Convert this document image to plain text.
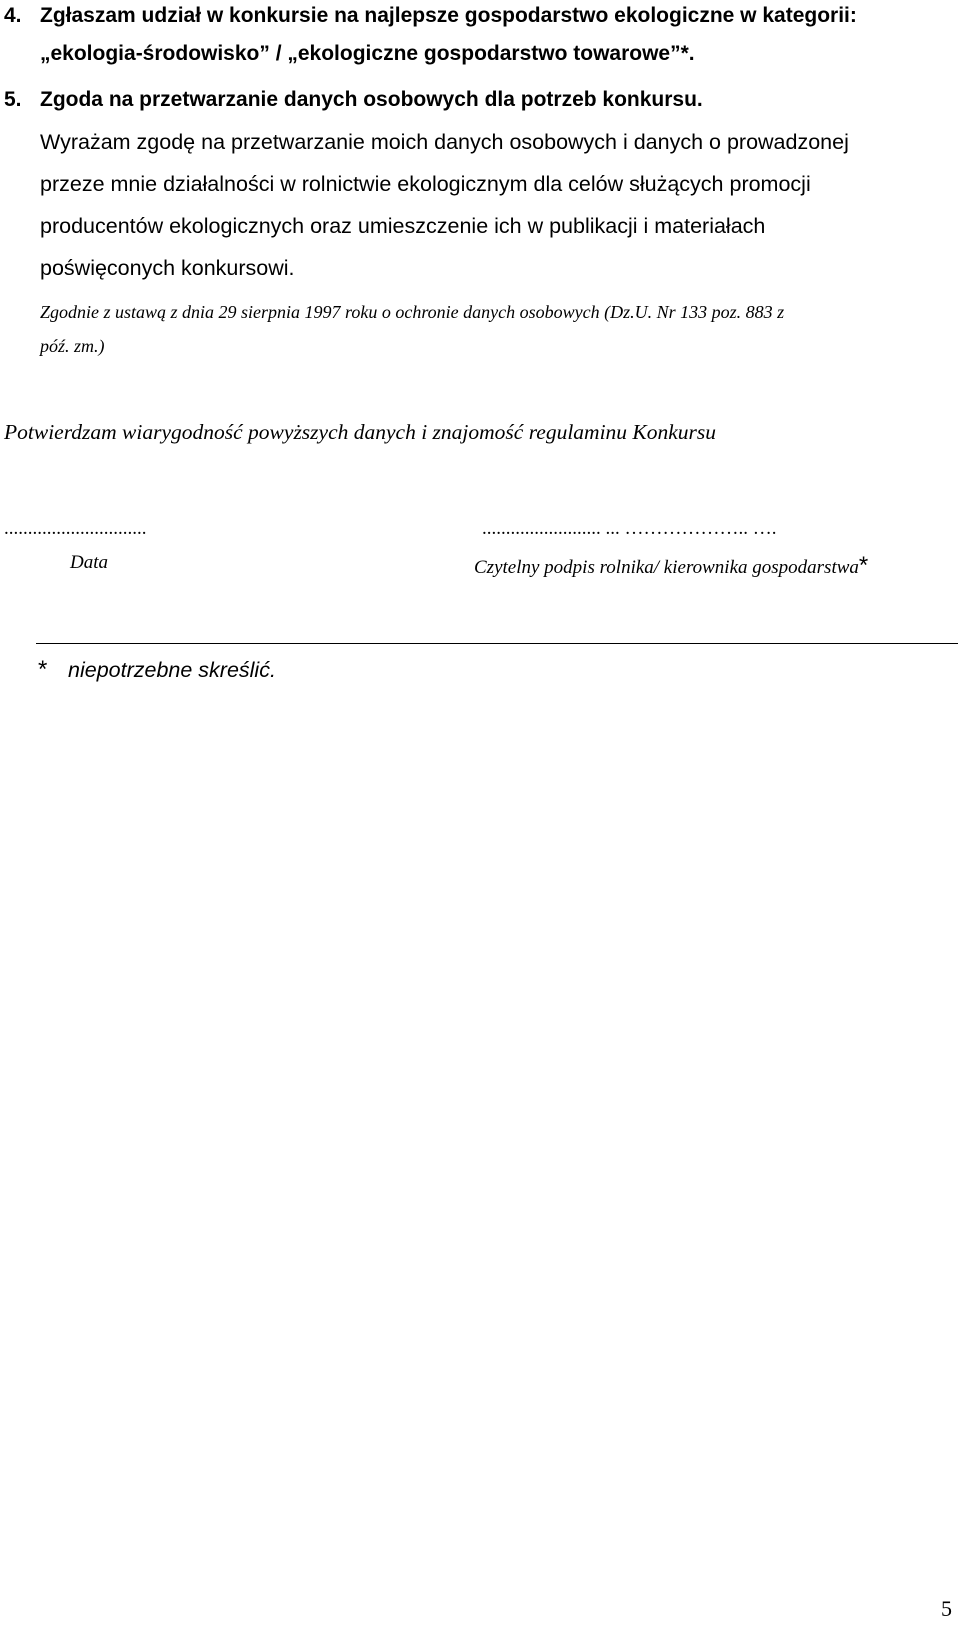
4. Zgłaszam udział w konkursie na najlepsze gospodarstwo ekologiczne w kategorii:
„ekologia-środowisko” / „ekologiczne gospodarstwo towarowe”*.
5. Zgoda na przetwarzanie danych osobowych dla potrzeb konkursu.
Wyrażam zgodę na przetwarzanie moich danych osobowych i danych o prowadzonej
przeze mnie działalności w rolnictwie ekologicznym dla celów służących promocji
producentów ekologicznych oraz umieszczenie ich w publikacji i materiałach
poświęconych konkursowi.
Zgodnie z ustawą z dnia 29 sierpnia 1997 roku o ochronie danych osobowych (Dz.U. Nr 133 poz. 883 z
póź. zm.)
Potwierdzam wiarygodność powyższych danych i znajomość regulaminu Konkursu
..............................	......................... ... ……………….. ….
Data	Czytelny podpis rolnika/ kierownika gospodarstwa*
* niepotrzebne skreślić.
5
